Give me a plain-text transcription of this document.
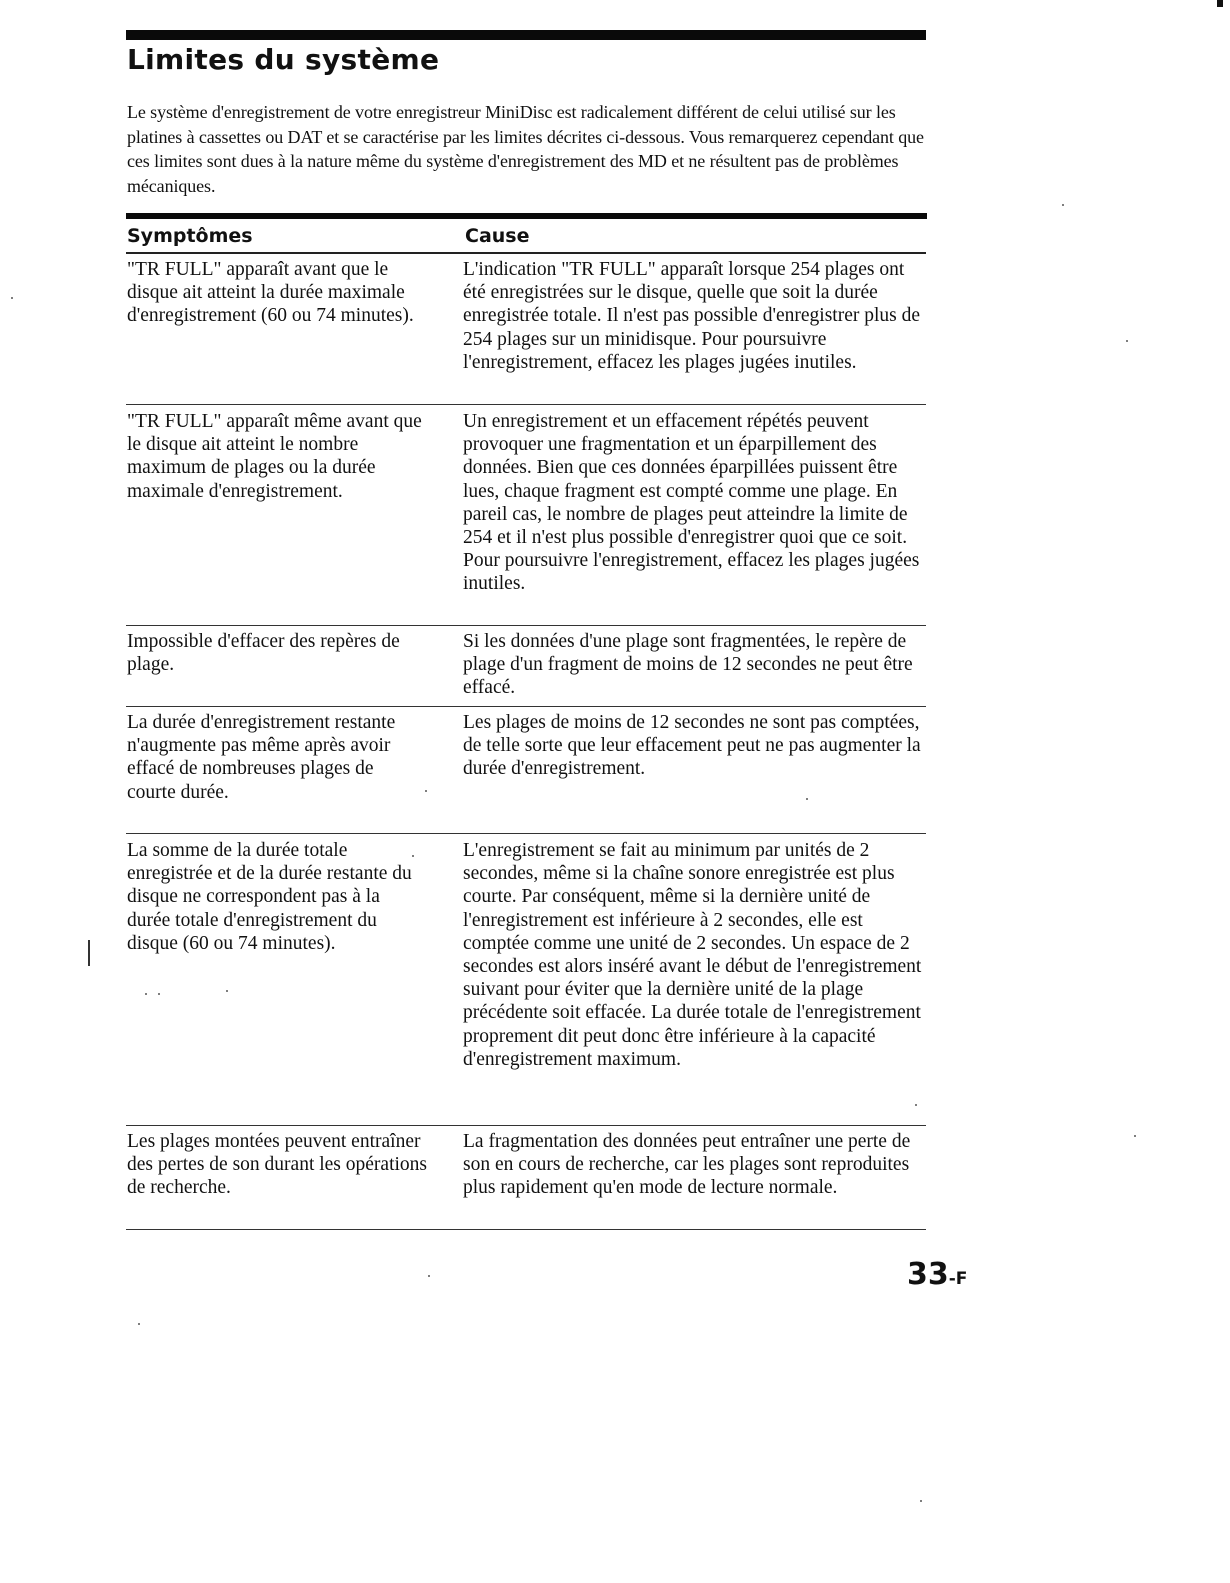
Limites du système

Le système d'enregistrement de votre enregistreur MiniDisc est radicalement différent de celui utilisé sur les platines à cassettes ou DAT et se caractérise par les limites décrites ci-dessous. Vous remarquerez cependant que ces limites sont dues à la nature même du système d'enregistrement des MD et ne résultent pas de problèmes mécaniques.

Symptômes	Cause

"TR FULL" apparaît avant que le disque ait atteint la durée maximale d'enregistrement (60 ou 74 minutes).

L'indication "TR FULL" apparaît lorsque 254 plages ont été enregistrées sur le disque, quelle que soit la durée enregistrée totale. Il n'est pas possible d'enregistrer plus de 254 plages sur un minidisque. Pour poursuivre l'enregistrement, effacez les plages jugées inutiles.

"TR FULL" apparaît même avant que le disque ait atteint le nombre maximum de plages ou la durée maximale d'enregistrement.

Un enregistrement et un effacement répétés peuvent provoquer une fragmentation et un éparpillement des données. Bien que ces données éparpillées puissent être lues, chaque fragment est compté comme une plage. En pareil cas, le nombre de plages peut atteindre la limite de 254 et il n'est plus possible d'enregistrer quoi que ce soit. Pour poursuivre l'enregistrement, effacez les plages jugées inutiles.

Impossible d'effacer des repères de plage.

Si les données d'une plage sont fragmentées, le repère de plage d'un fragment de moins de 12 secondes ne peut être effacé.

La durée d'enregistrement restante n'augmente pas même après avoir effacé de nombreuses plages de courte durée.

Les plages de moins de 12 secondes ne sont pas comptées, de telle sorte que leur effacement peut ne pas augmenter la durée d'enregistrement.

La somme de la durée totale enregistrée et de la durée restante du disque ne correspondent pas à la durée totale d'enregistrement du disque (60 ou 74 minutes).

L'enregistrement se fait au minimum par unités de 2 secondes, même si la chaîne sonore enregistrée est plus courte. Par conséquent, même si la dernière unité de l'enregistrement est inférieure à 2 secondes, elle est comptée comme une unité de 2 secondes. Un espace de 2 secondes est alors inséré avant le début de l'enregistrement suivant pour éviter que la dernière unité de la plage précédente soit effacée. La durée totale de l'enregistrement proprement dit peut donc être inférieure à la capacité d'enregistrement maximum.

Les plages montées peuvent entraîner des pertes de son durant les opérations de recherche.

La fragmentation des données peut entraîner une perte de son en cours de recherche, car les plages sont reproduites plus rapidement qu'en mode de lecture normale.

33-F
